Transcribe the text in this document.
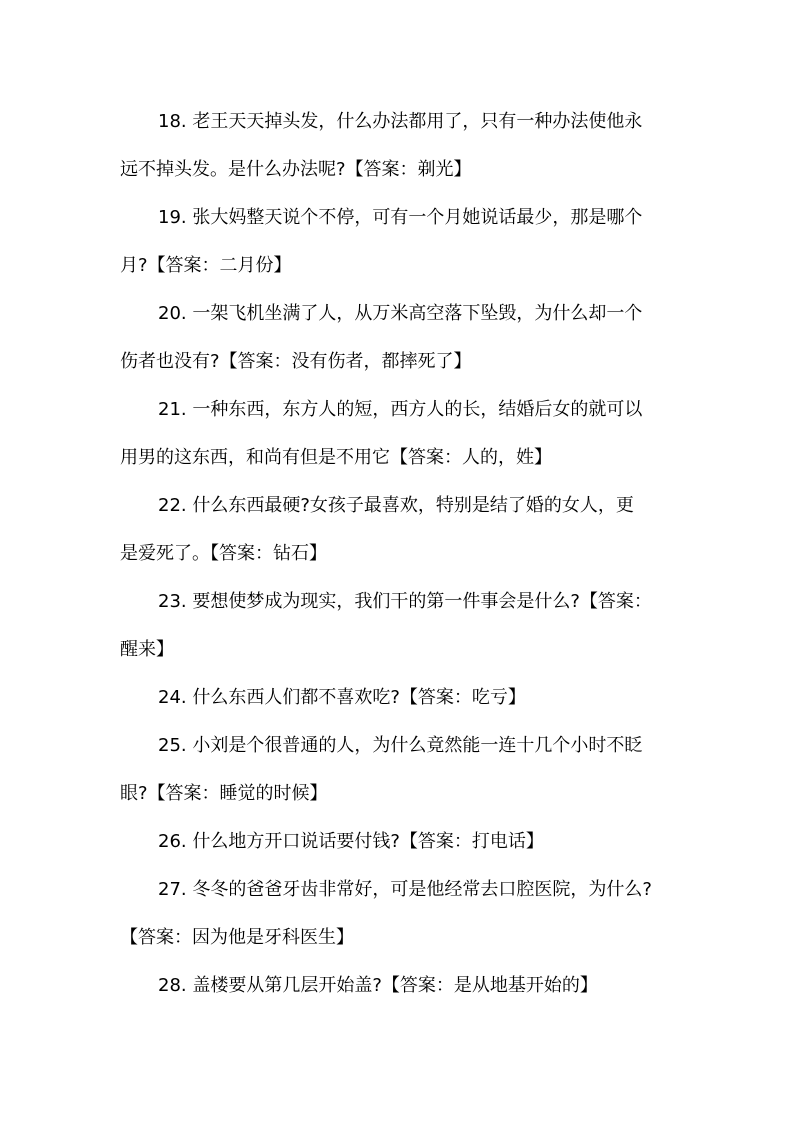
18. 老王天天掉头发，什么办法都用了，只有一种办法使他永
远不掉头发。是什么办法呢?【答案：剃光】
19. 张大妈整天说个不停，可有一个月她说话最少，那是哪个
月?【答案：二月份】
20. 一架飞机坐满了人，从万米高空落下坠毁，为什么却一个
伤者也没有?【答案：没有伤者，都摔死了】
21. 一种东西，东方人的短，西方人的长，结婚后女的就可以
用男的这东西，和尚有但是不用它【答案：人的，姓】
22. 什么东西最硬?女孩子最喜欢，特别是结了婚的女人，更
是爱死了。【答案：钻石】
23. 要想使梦成为现实，我们干的第一件事会是什么?【答案：
醒来】
24. 什么东西人们都不喜欢吃?【答案：吃亏】
25. 小刘是个很普通的人，为什么竟然能一连十几个小时不眨
眼?【答案：睡觉的时候】
26. 什么地方开口说话要付钱?【答案：打电话】
27. 冬冬的爸爸牙齿非常好，可是他经常去口腔医院，为什么?
【答案：因为他是牙科医生】
28. 盖楼要从第几层开始盖?【答案：是从地基开始的】
